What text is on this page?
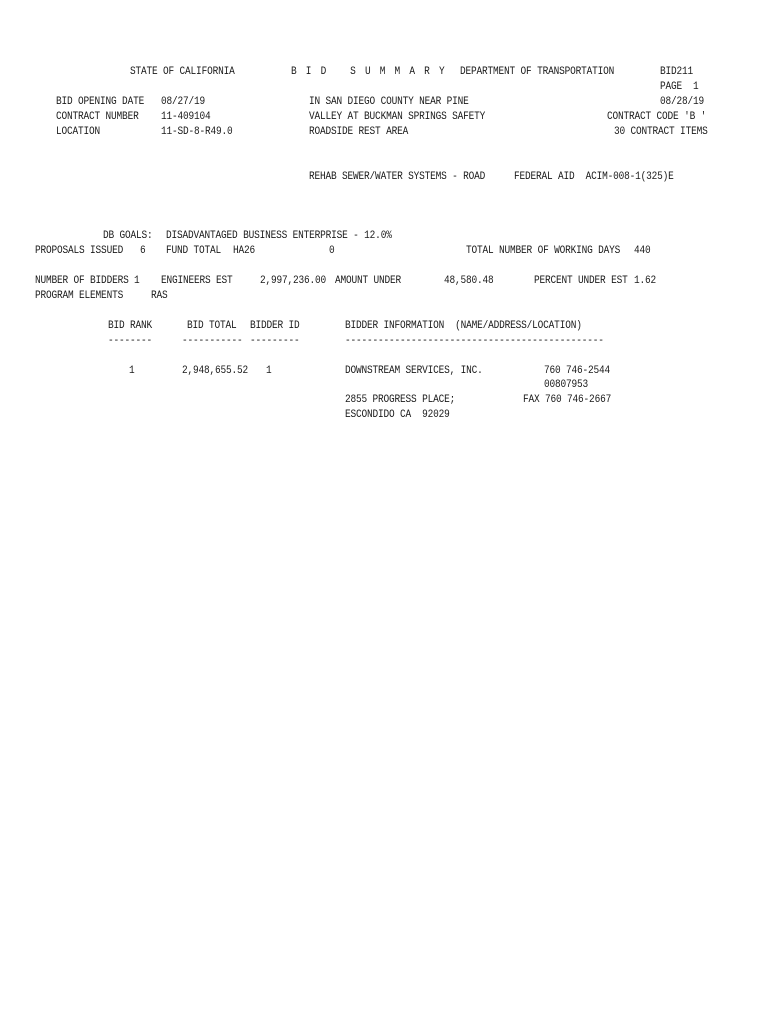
STATE OF CALIFORNIA	B I D   S U M M A R Y DEPARTMENT OF TRANSPORTATION	BID211
PAGE  1
BID OPENING DATE 08/27/19	IN SAN DIEGO COUNTY NEAR PINE	08/28/19
CONTRACT NUMBER 11-409104	VALLEY AT BUCKMAN SPRINGS SAFETY	CONTRACT CODE 'B '
LOCATION	11-SD-8-R49.0	ROADSIDE REST AREA	30 CONTRACT ITEMS
REHAB SEWER/WATER SYSTEMS - ROAD	FEDERAL AID  ACIM-008-1(325)E
DB GOALS: DISADVANTAGED BUSINESS ENTERPRISE - 12.0%
PROPOSALS ISSUED 6 FUND TOTAL HA26	0	TOTAL NUMBER OF WORKING DAYS 440
NUMBER OF BIDDERS 1 ENGINEERS EST 2,997,236.00 AMOUNT UNDER	48,580.48	PERCENT UNDER EST 1.62
PROGRAM ELEMENTS	RAS
BID RANK	BID TOTAL BIDDER ID	BIDDER INFORMATION  (NAME/ADDRESS/LOCATION)
--------	----------- ---------	-----------------------------------------------
1	2,948,655.52 1	DOWNSTREAM SERVICES, INC.	760 746-2544
00807953
2855 PROGRESS PLACE;	FAX 760 746-2667
ESCONDIDO CA  92029
